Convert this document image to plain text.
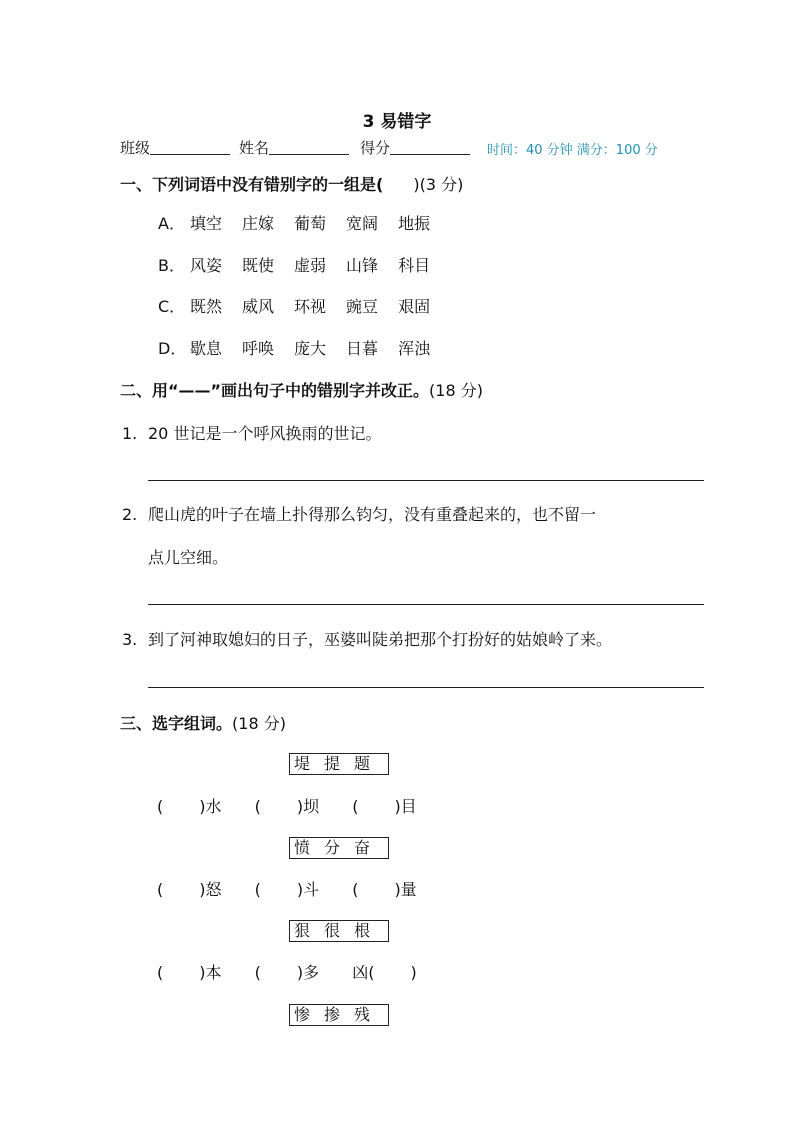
3 易错字
班级	姓名	得分	时间：40 分钟 满分：100 分
一、下列词语中没有错别字的一组是( )(3 分)
A． 填空 庄嫁 葡萄 宽阔 地振
B． 风姿 既使 虚弱 山锋 科目
C． 既然 威风 环视 豌豆 艰固
D． 歇息 呼唤 庞大 日暮 浑浊
二、用“——”画出句子中的错别字并改正。(18 分)
1. 20 世记是一个呼风换雨的世记。
2. 爬山虎的叶子在墙上扑得那么钧匀，没有重叠起来的，也不留一
点儿空细。
3. 到了河神取媳妇的日子，巫婆叫陡弟把那个打扮好的姑娘岭了来。
三、选字组词。(18 分)
堤提题
( )水 ( )坝 ( )目
愤分奋
( )怒 ( )斗 ( )量
狠很根
( )本 ( )多 凶( )
惨掺残
